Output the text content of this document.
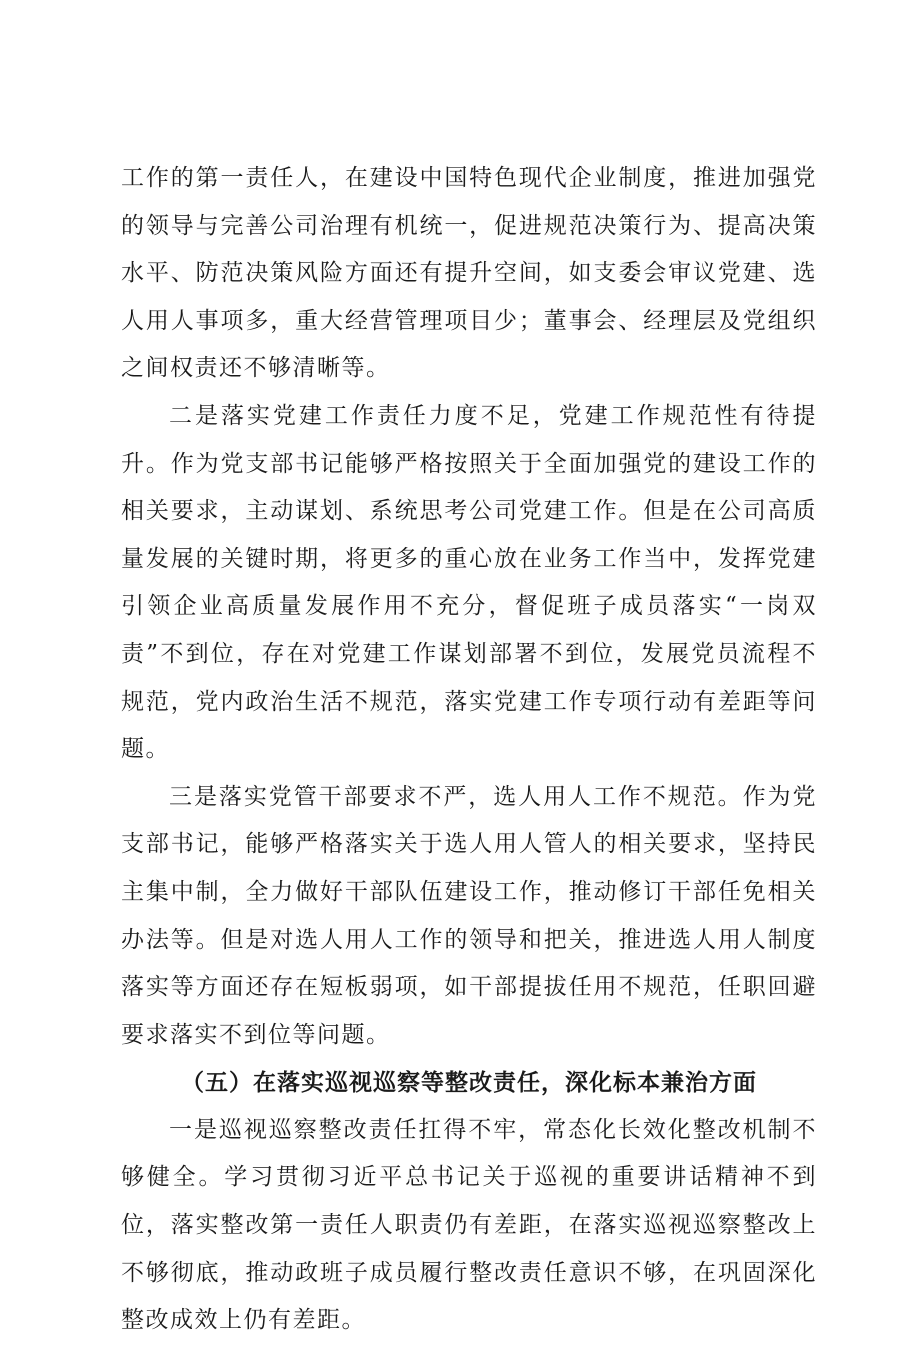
工作的第一责任人，在建设中国特色现代企业制度，推进加强党的领导与完善公司治理有机统一，促进规范决策行为、提高决策水平、防范决策风险方面还有提升空间，如支委会审议党建、选人用人事项多，重大经营管理项目少；董事会、经理层及党组织之间权责还不够清晰等。

二是落实党建工作责任力度不足，党建工作规范性有待提升。作为党支部书记能够严格按照关于全面加强党的建设工作的相关要求，主动谋划、系统思考公司党建工作。但是在公司高质量发展的关键时期，将更多的重心放在业务工作当中，发挥党建引领企业高质量发展作用不充分，督促班子成员落实“一岗双责”不到位，存在对党建工作谋划部署不到位，发展党员流程不规范，党内政治生活不规范，落实党建工作专项行动有差距等问题。

三是落实党管干部要求不严，选人用人工作不规范。作为党支部书记，能够严格落实关于选人用人管人的相关要求，坚持民主集中制，全力做好干部队伍建设工作，推动修订干部任免相关办法等。但是对选人用人工作的领导和把关，推进选人用人制度落实等方面还存在短板弱项，如干部提拔任用不规范，任职回避要求落实不到位等问题。

（五）在落实巡视巡察等整改责任，深化标本兼治方面

一是巡视巡察整改责任扛得不牢，常态化长效化整改机制不够健全。学习贯彻习近平总书记关于巡视的重要讲话精神不到位，落实整改第一责任人职责仍有差距，在落实巡视巡察整改上不够彻底，推动政班子成员履行整改责任意识不够，在巩固深化整改成效上仍有差距。
